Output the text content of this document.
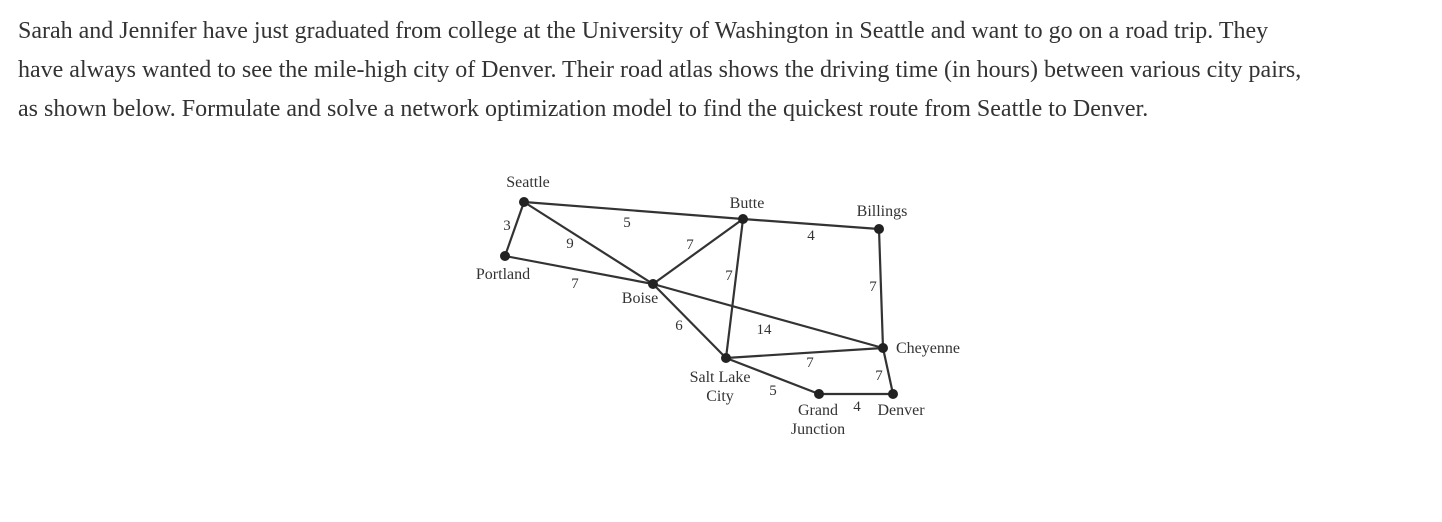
Sarah and Jennifer have just graduated from college at the University of Washington in Seattle and want to go on a road trip. They
have always wanted to see the mile-high city of Denver. Their road atlas shows the driving time (in hours) between various city pairs,
as shown below. Formulate and solve a network optimization model to find the quickest route from Seattle to Denver.
3
9
5
7
7
4
7
7
6	14
7
5
7
4
Seattle
Portland
Boise
Butte	Billings
Cheyenne
Salt Lake City
Grand Junction
Denver
